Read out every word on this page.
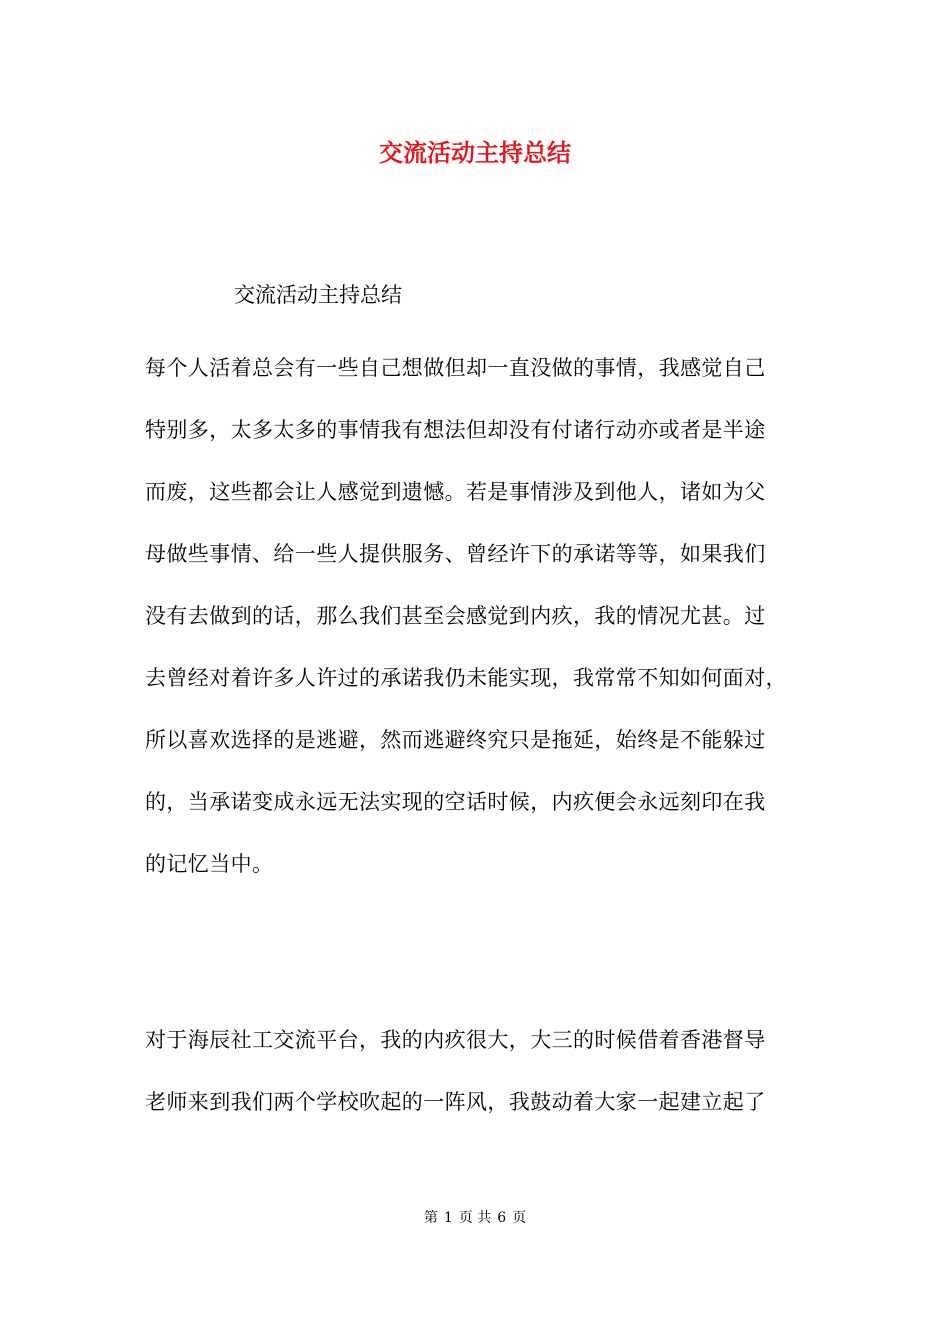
交流活动主持总结

交流活动主持总结

每个人活着总会有一些自己想做但却一直没做的事情，我感觉自己
特别多，太多太多的事情我有想法但却没有付诸行动亦或者是半途
而废，这些都会让人感觉到遗憾。若是事情涉及到他人，诸如为父
母做些事情、给一些人提供服务、曾经许下的承诺等等，如果我们
没有去做到的话，那么我们甚至会感觉到内疚，我的情况尤甚。过
去曾经对着许多人许过的承诺我仍未能实现，我常常不知如何面对，
所以喜欢选择的是逃避，然而逃避终究只是拖延，始终是不能躲过
的，当承诺变成永远无法实现的空话时候，内疚便会永远刻印在我
的记忆当中。
对于海辰社工交流平台，我的内疚很大，大三的时候借着香港督导
老师来到我们两个学校吹起的一阵风，我鼓动着大家一起建立起了
第 1 页 共 6 页
